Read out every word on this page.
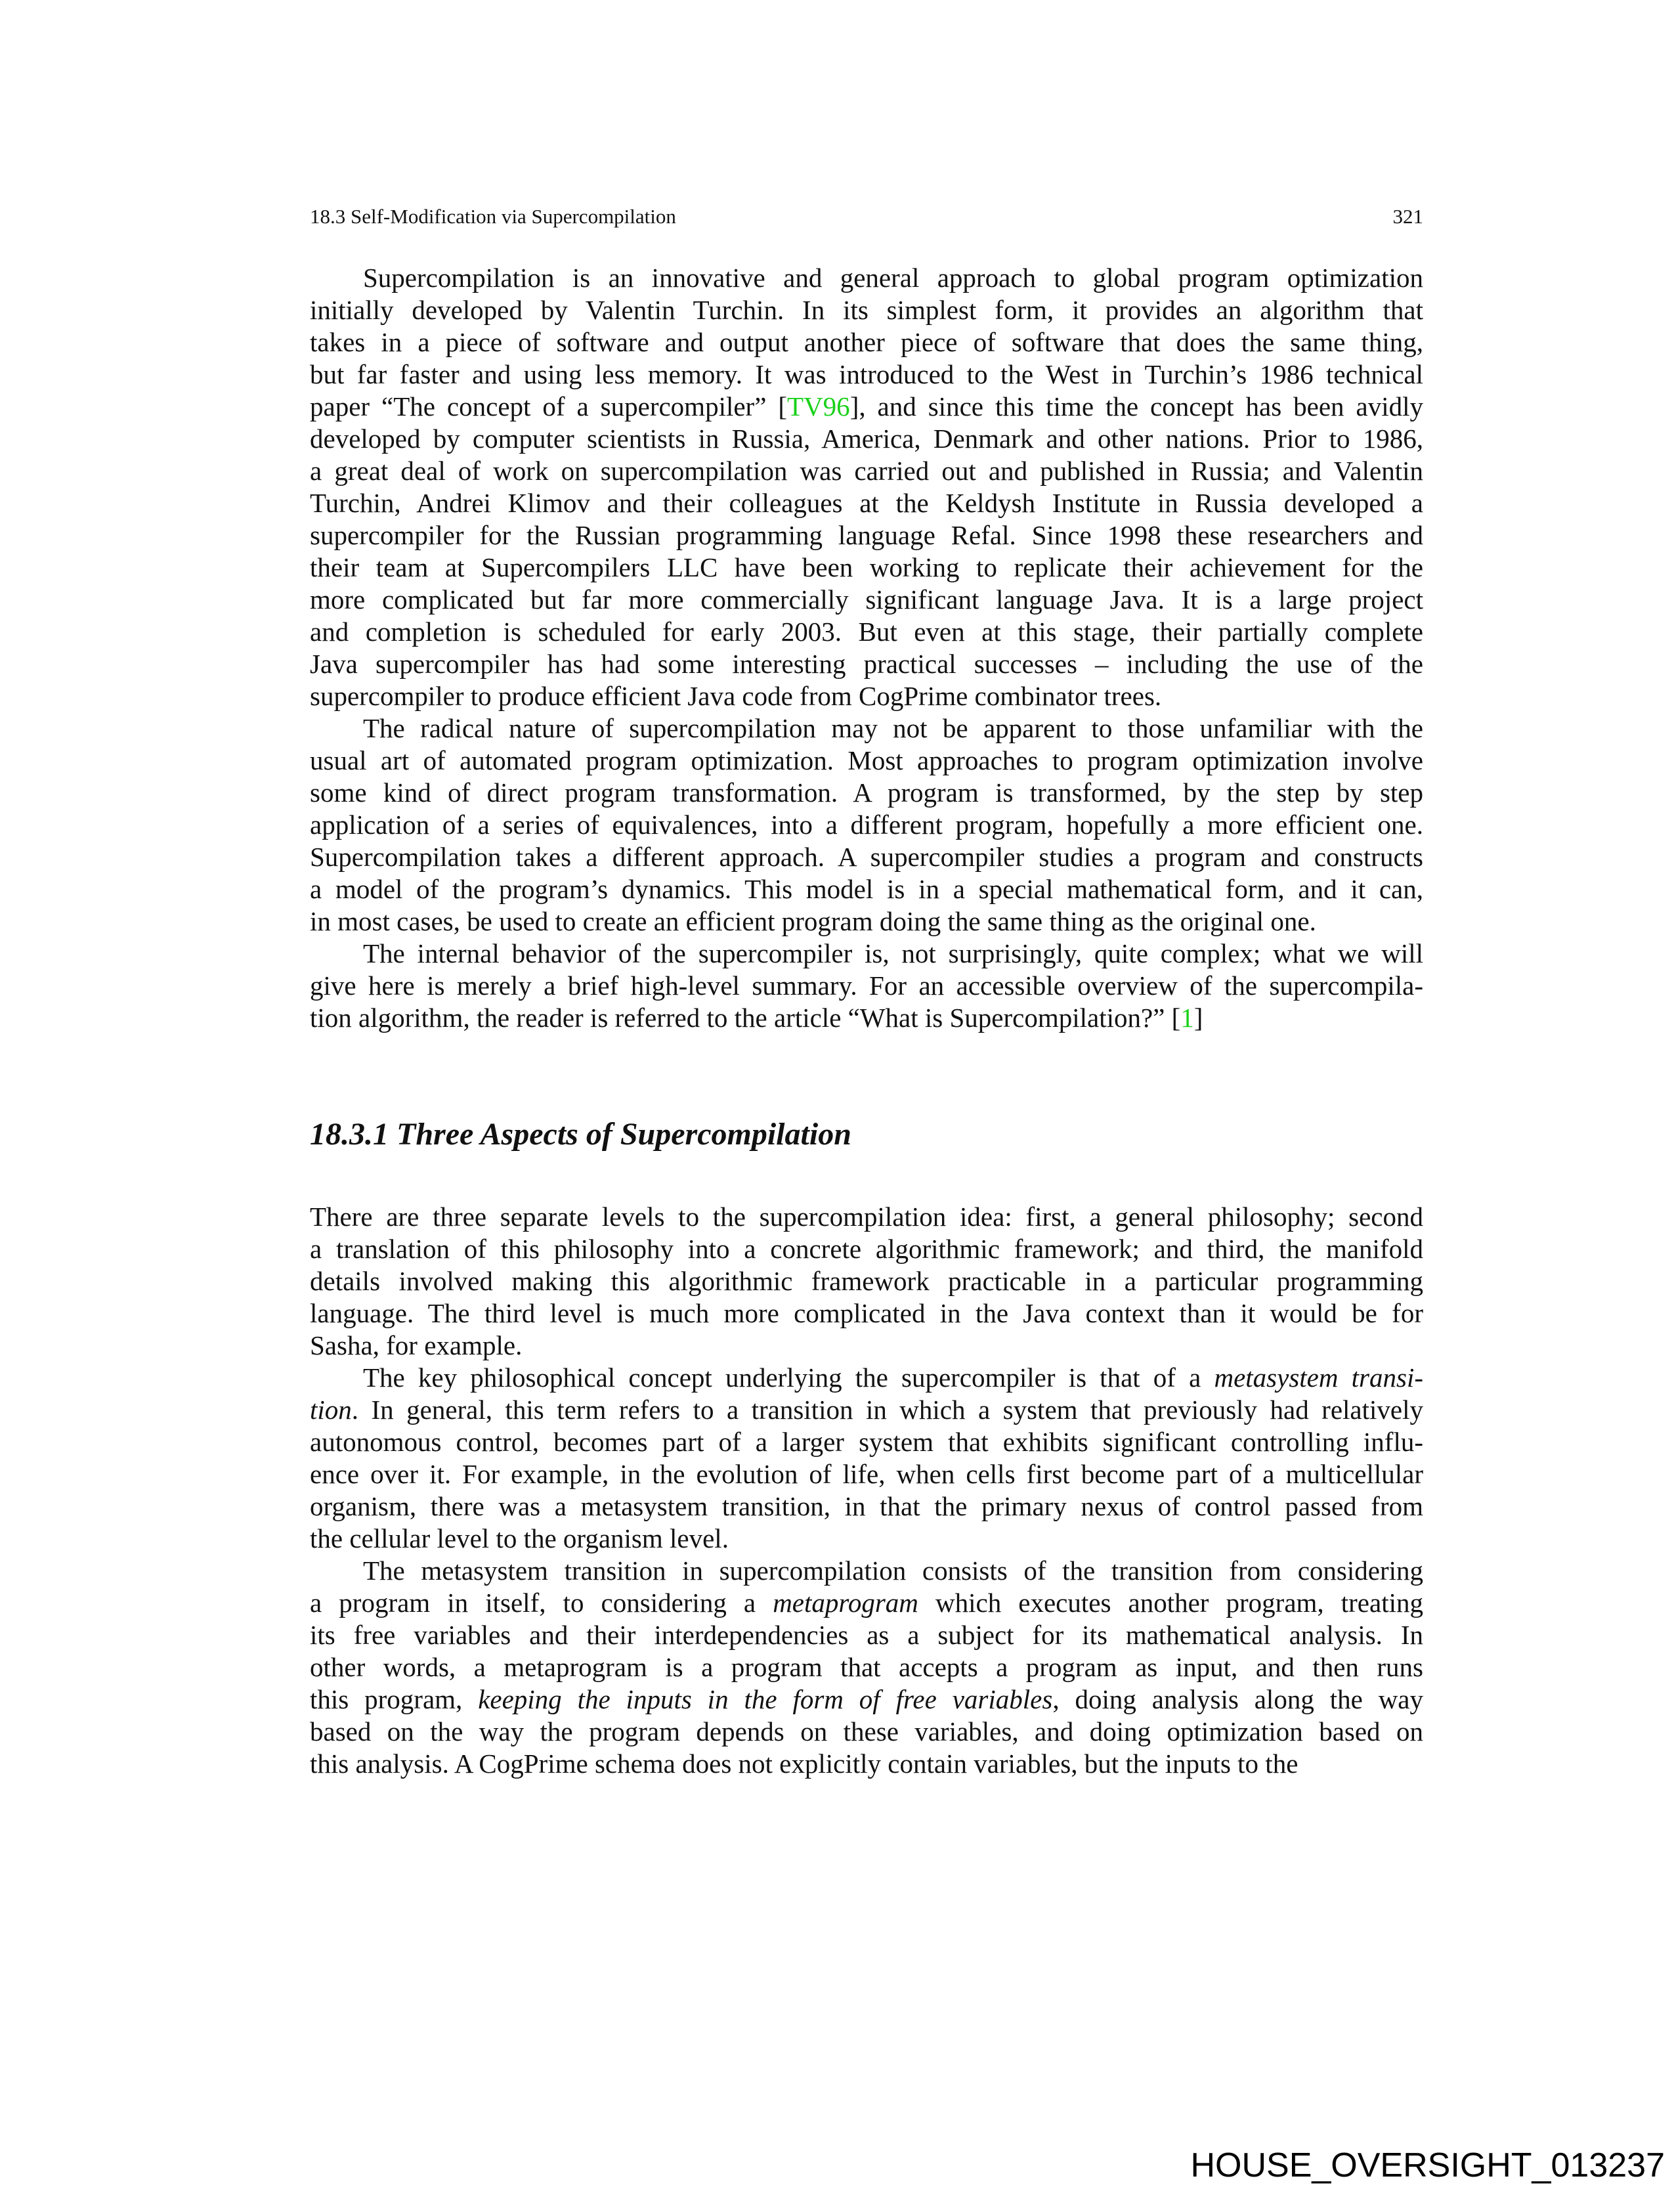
18.3 Self-Modification via Supercompilation	321
Supercompilation is an innovative and general approach to global program optimization
initially developed by Valentin Turchin. In its simplest form, it provides an algorithm that
takes in a piece of software and output another piece of software that does the same thing,
but far faster and using less memory. It was introduced to the West in Turchin’s 1986 technical
paper “The concept of a supercompiler” [TV96], and since this time the concept has been avidly
developed by computer scientists in Russia, America, Denmark and other nations. Prior to 1986,
a great deal of work on supercompilation was carried out and published in Russia; and Valentin
Turchin, Andrei Klimov and their colleagues at the Keldysh Institute in Russia developed a
supercompiler for the Russian programming language Refal. Since 1998 these researchers and
their team at Supercompilers LLC have been working to replicate their achievement for the
more complicated but far more commercially significant language Java. It is a large project
and completion is scheduled for early 2003. But even at this stage, their partially complete
Java supercompiler has had some interesting practical successes – including the use of the
supercompiler to produce efficient Java code from CogPrime combinator trees.
The radical nature of supercompilation may not be apparent to those unfamiliar with the
usual art of automated program optimization. Most approaches to program optimization involve
some kind of direct program transformation. A program is transformed, by the step by step
application of a series of equivalences, into a different program, hopefully a more efficient one.
Supercompilation takes a different approach. A supercompiler studies a program and constructs
a model of the program’s dynamics. This model is in a special mathematical form, and it can,
in most cases, be used to create an efficient program doing the same thing as the original one.
The internal behavior of the supercompiler is, not surprisingly, quite complex; what we will
give here is merely a brief high-level summary. For an accessible overview of the supercompila-
tion algorithm, the reader is referred to the article “What is Supercompilation?” [1]
18.3.1 Three Aspects of Supercompilation
There are three separate levels to the supercompilation idea: first, a general philosophy; second
a translation of this philosophy into a concrete algorithmic framework; and third, the manifold
details involved making this algorithmic framework practicable in a particular programming
language. The third level is much more complicated in the Java context than it would be for
Sasha, for example.
The key philosophical concept underlying the supercompiler is that of a metasystem transi-
tion. In general, this term refers to a transition in which a system that previously had relatively
autonomous control, becomes part of a larger system that exhibits significant controlling influ-
ence over it. For example, in the evolution of life, when cells first become part of a multicellular
organism, there was a metasystem transition, in that the primary nexus of control passed from
the cellular level to the organism level.
The metasystem transition in supercompilation consists of the transition from considering
a program in itself, to considering a metaprogram which executes another program, treating
its free variables and their interdependencies as a subject for its mathematical analysis. In
other words, a metaprogram is a program that accepts a program as input, and then runs
this program, keeping the inputs in the form of free variables, doing analysis along the way
based on the way the program depends on these variables, and doing optimization based on
this analysis. A CogPrime schema does not explicitly contain variables, but the inputs to the
HOUSE_OVERSIGHT_013237
